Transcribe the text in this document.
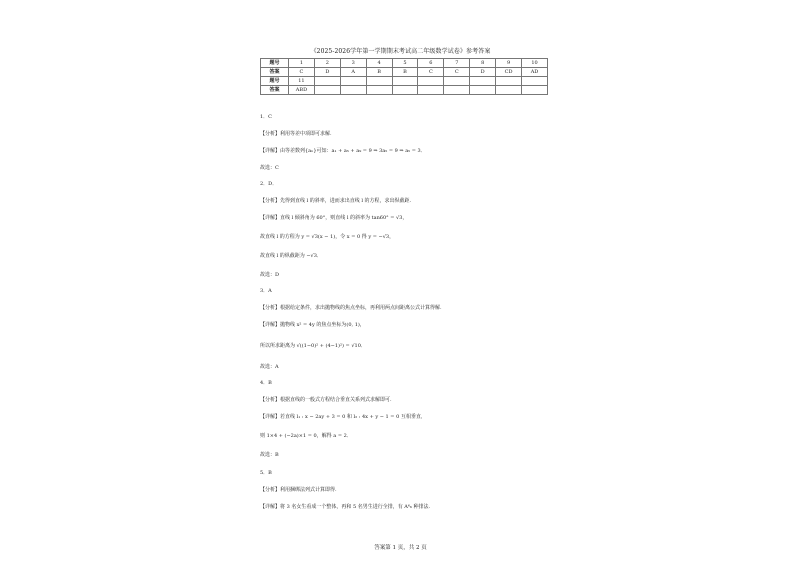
《2025-2026学年第一学期期末考试高二年级数学试卷》参考答案
题号	1	2	3	4	5	6	7	8	9	10
答案	C	D	A	B	B	C	C	D	CD	AD
题号	11									
答案	ABD									
1．C
【分析】利用等差中项即可求解.
【详解】由等差数列{aₙ}可知：a₁ + a₅ + a₉ = 9 ⇒ 3a₅ = 9 ⇒ a₅ = 3．
故选：C
2．D．
【分析】先得到直线 l 的斜率，进而求出直线 l 的方程，求出纵截距.
【详解】直线 l 倾斜角为 60°，则直线 l 的斜率为 tan60° = √3，
故直线 l 的方程为 y = √3(x − 1)，令 x = 0 得 y = −√3，
故直线 l 的纵截距为 −√3．
故选：D
3．A
【分析】根据给定条件，求出抛物线的焦点坐标，再利用两点间距离公式计算得解.
【详解】抛物线 x² = 4y 的焦点坐标为(0, 1)，
所以所求距离为 √((1−0)² + (4−1)²) = √10．
故选：A
4．B
【分析】根据直线的一般式方程结合垂直关系列式求解即可.
【详解】若直线 l₁ : x − 2ay + 3 = 0 和 l₂ : 4x + y − 1 = 0 互相垂直,
则 1×4 + (−2a)×1 = 0，解得 a = 2．
故选：B
5．B
【分析】利用捆绑法列式计算即得.
【详解】将 3 名女生看成一个整体，再和 5 名男生进行全排，有 A⁶₆ 种排法.
答案第 1 页，共 2 页
